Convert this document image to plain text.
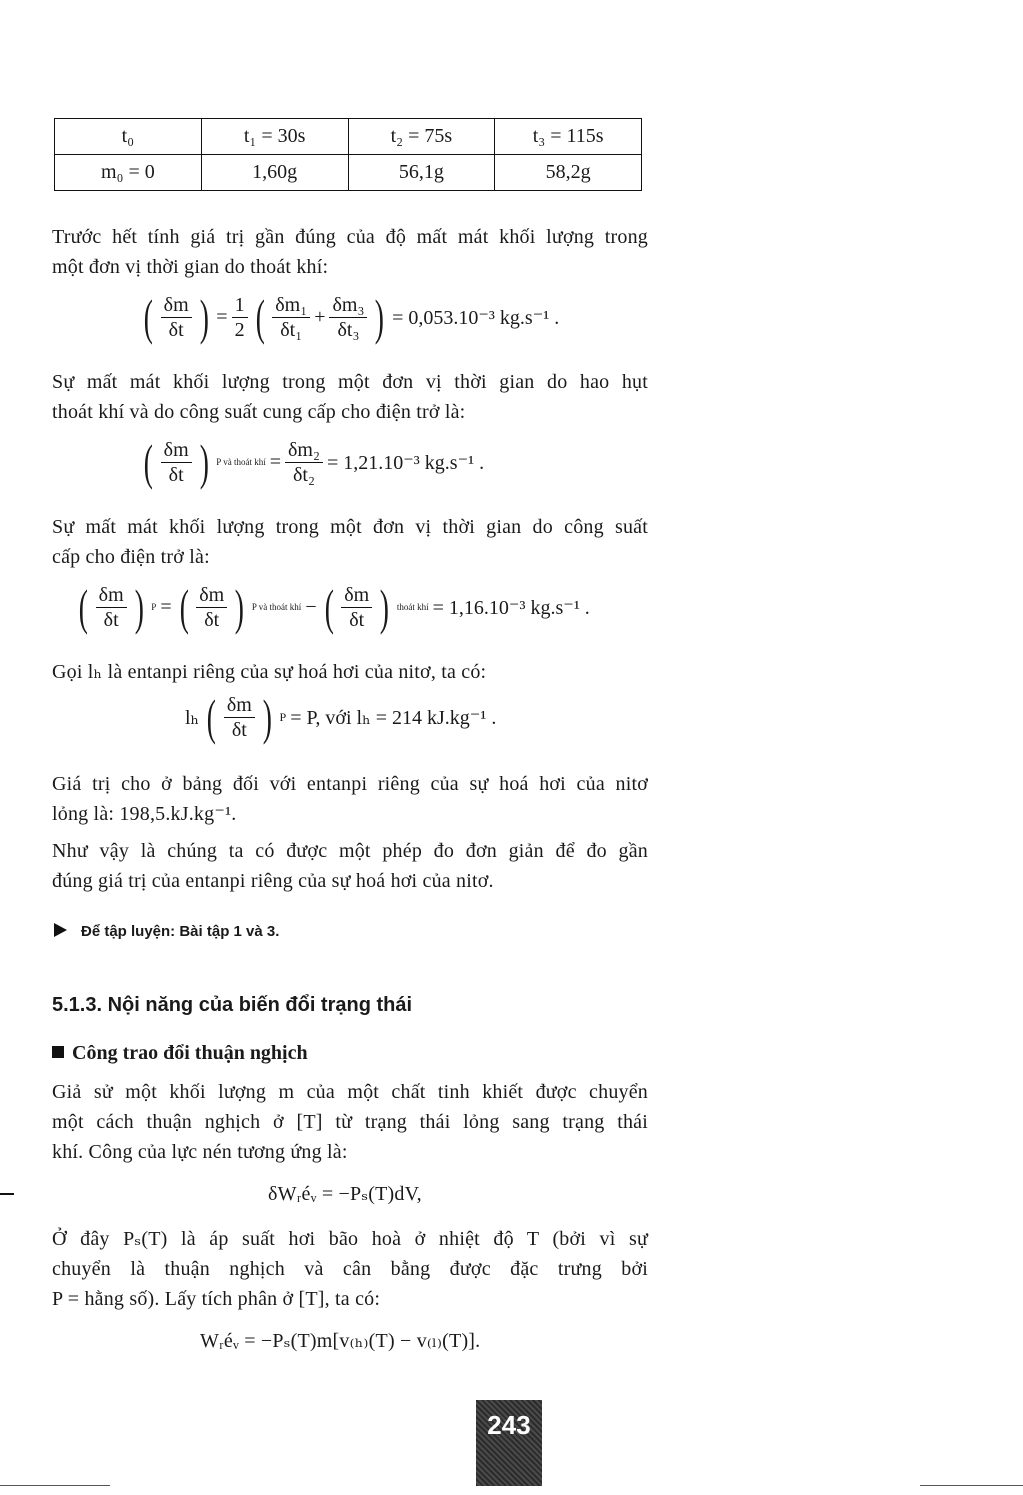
t₀	t₁ = 30s	t₂ = 75s	t₃ = 115s
m₀ = 0	1,60g	56,1g	58,2g
Trước hết tính giá trị gần đúng của độ mất mát khối lượng trong
một đơn vị thời gian do thoát khí:
( $\frac{\delta m}{\delta t}$ ) = $\frac{1}{2}$ ( $\frac{\text{δm₁}}{\text{δt₁}} + \frac{\text{δm₃}}{\text{δt₃}}$ ) = 0,053.10⁻³ kg.s⁻¹ .
Sự mất mát khối lượng trong một đơn vị thời gian do hao hụt
thoát khí và do công suất cung cấp cho điện trở là:
( $\frac{\delta m}{\delta t}$ ) P và thoát khí = $\frac{\text{δm₂}}{\text{δt₂}} = 1,21.10^{-3}$ kg.s⁻¹ .
Sự mất mát khối lượng trong một đơn vị thời gian do công suất
cấp cho điện trở là:
( $\frac{\delta m}{\delta t}$ ) P = ( $\frac{\delta m}{\delta t}$ ) P và thoát khí − ( $\frac{\delta m}{\delta t}$ ) thoát khí = 1,16.10⁻³ kg.s⁻¹ .
Gọi lₕ là entanpi riêng của sự hoá hơi của nitơ, ta có:
lₕ ( $\frac{\delta m}{\delta t}$ ) P = P, với lₕ = 214 kJ.kg⁻¹ .
Giá trị cho ở bảng đối với entanpi riêng của sự hoá hơi của nitơ
lỏng là: 198,5.kJ.kg⁻¹.
Như vậy là chúng ta có được một phép đo đơn giản để đo gần
đúng giá trị của entanpi riêng của sự hoá hơi của nitơ.
Để tập luyện: Bài tập 1 và 3.
5.1.3. Nội năng của biến đổi trạng thái
Công trao đổi thuận nghịch
Giả sử một khối lượng m của một chất tinh khiết được chuyển
một cách thuận nghịch ở [T] từ trạng thái lỏng sang trạng thái
khí. Công của lực nén tương ứng là:
δWᵣéᵥ = −Pₛ(T)dV,
Ở đây Pₛ(T) là áp suất hơi bão hoà ở nhiệt độ T (bởi vì sự
chuyển là thuận nghịch và cân bằng được đặc trưng bởi
P = hằng số). Lấy tích phân ở [T], ta có:
Wᵣéᵥ = −Pₛ(T)m[v₍ₕ₎(T) − v₍ₗ₎(T)].
243
